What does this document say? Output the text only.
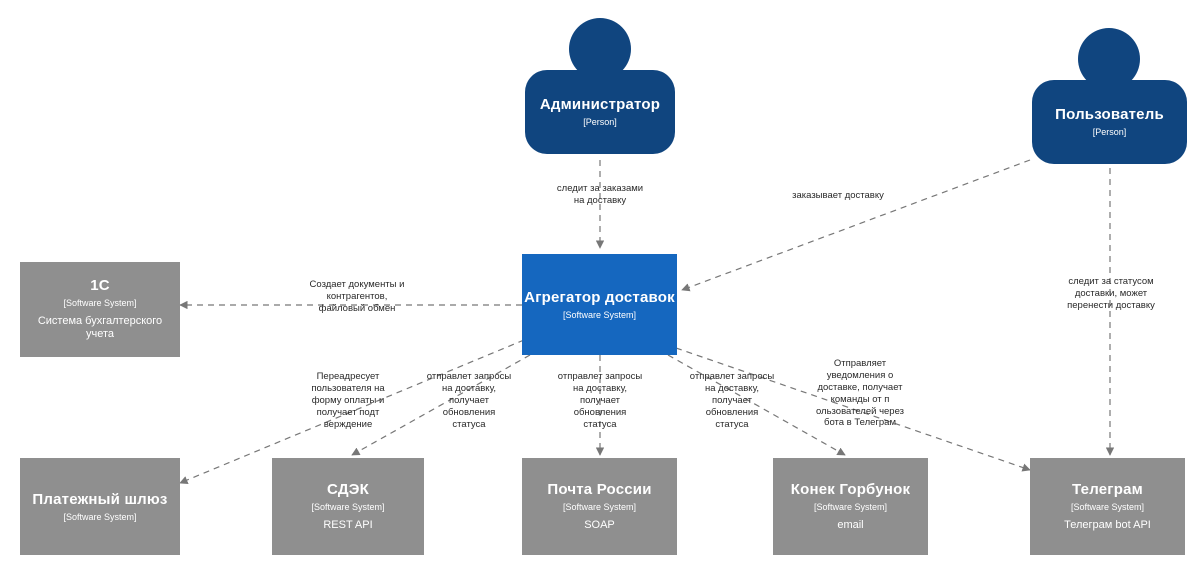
Администратор
[Person]	Пользователь
[Person]
1С
[Software System]
Система бухгалтерского учета
Агрегатор доставок
[Software System]
Платежный шлюз
[Software System]
СДЭК
[Software System]
REST API
Почта России
[Software System]
SOAP
Конек Горбунок
[Software System]
email
Телеграм
[Software System]
Телеграм bot API
следит за заказами на доставку	заказывает доставку
следит за статусом доставки, может перенести доставку
Создает документы и контрагентов, файловый обмен
Переадресует пользователя на форму оплаты и получает подт верждение
отправлет запросы на доставку, получает обновления статуса
отправлет запросы на доставку, получает обновления статуса
отправлет запросы на доставку, получает обновления статуса
Отправляет уведомления о доставке, получает команды от п ользователей через бота в Телеграм
